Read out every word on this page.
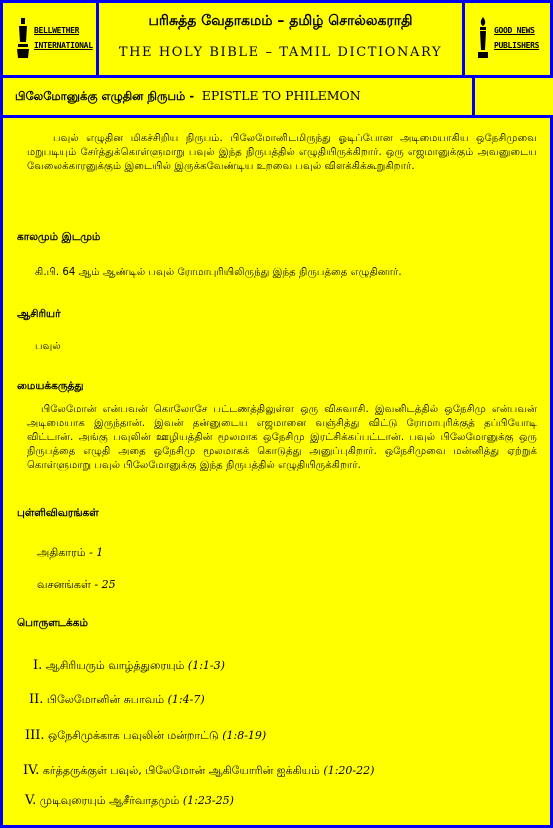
BELLWETHER
INTERNATIONAL
பரிசுத்த வேதாகமம் – தமிழ் சொல்லகராதி
THE HOLY BIBLE – TAMIL DICTIONARY
GOOD NEWS
PUBLISHERS
பிலேமோனுக்கு எழுதின நிருபம் - EPISTLE TO PHILEMON
பவுல் எழுதின மிகச்சிறிய நிருபம். பிலேமோனிடமிருந்து ஓடிப்போன அடிமையாகிய ஒநேசிமுவை மறுபடியும் சேர்த்துக்கொள்ளுமாறு பவுல் இந்த நிருபத்தில் எழுதியிருக்கிறார். ஒரு எஜமானுக்கும் அவனுடைய வேலைக்காரனுக்கும் இடையில் இருக்கவேண்டிய உறவை பவுல் விளக்கிக்கூறுகிறார்.
காலமும் இடமும்
கி.பி. 64 ஆம் ஆண்டில் பவுல் ரோமாபுரியிலிருந்து இந்த நிருபத்தை எழுதினார்.
ஆசிரியர்
பவுல்
மையக்கருத்து
பிலேமோன் என்பவன் கொலோசே பட்டணத்திலுள்ள ஒரு விசுவாசி. இவனிடத்தில் ஒநேசிமு என்பவன் அடிமையாக இருந்தான். இவன் தன்னுடைய எஜமானை வஞ்சித்து விட்டு ரோமாபுரிக்குத் தப்பியோடி விட்டான். அங்கு பவுலின் ஊழியத்தின் மூலமாக ஒநேசிமு இரட்சிக்கப்பட்டான். பவுல் பிலேமோனுக்கு ஒரு நிருபத்தை எழுதி அதை ஒநேசிமு மூலமாகக் கொடுத்து அனுப்புகிறார். ஒநேசிமுவை மன்னித்து ஏற்றுக் கொள்ளுமாறு பவுல் பிலேமோனுக்கு இந்த நிருபத்தில் எழுதியிருக்கிறார்.
புள்ளிவிவரங்கள்
அதிகாரம் - 1
வசனங்கள் - 25
பொருளடக்கம்
I. ஆசிரியரும் வாழ்த்துரையும் (1:1-3)
II. பிலேமோனின் சுபாவம் (1:4-7)
III. ஒநேசிமுக்காக பவுலின் மன்றாட்டு (1:8-19)
IV. கர்த்தருக்குள் பவுல், பிலேமோன் ஆகியோரின் ஐக்கியம் (1:20-22)
V. முடிவுரையும் ஆசீர்வாதமும் (1:23-25)
